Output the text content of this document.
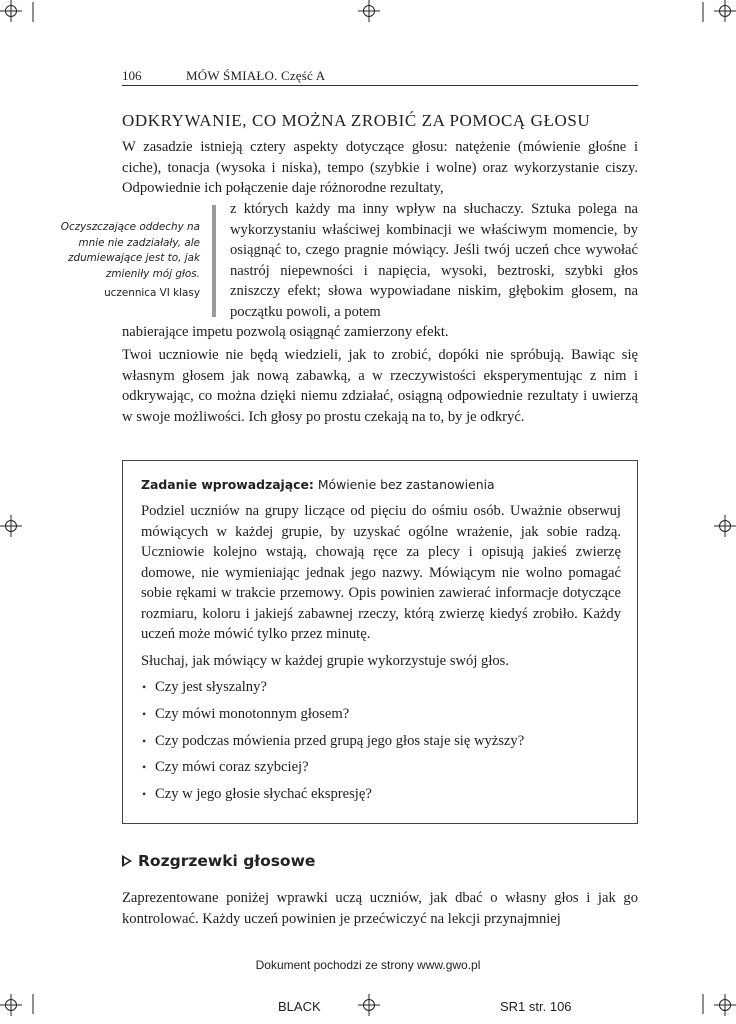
106	MÓW ŚMIAŁO. Część A
ODKRYWANIE, CO MOŻNA ZROBIĆ ZA POMOCĄ GŁOSU
W zasadzie istnieją cztery aspekty dotyczące głosu: natężenie (mówienie głośne i ciche), tonacja (wysoka i niska), tempo (szybkie i wolne) oraz wykorzystanie ciszy. Odpowiednie ich połączenie daje różnorodne rezultaty,
z których każdy ma inny wpływ na słuchaczy. Sztuka polega na wykorzystaniu właściwej kombinacji we właściwym momencie, by osiągnąć to, czego pragnie mówiący. Jeśli twój uczeń chce wywołać nastrój niepewności i napięcia, wysoki, beztroski, szybki głos zniszczy efekt; słowa wypowiadane niskim, głębokim głosem, na początku powoli, a potem
nabierające impetu pozwolą osiągnąć zamierzony efekt.
Oczyszczające oddechy na mnie nie zadziałały, ale zdumiewające jest to, jak zmieniły mój głos.
uczennica VI klasy
Twoi uczniowie nie będą wiedzieli, jak to zrobić, dopóki nie spróbują. Bawiąc się własnym głosem jak nową zabawką, a w rzeczywistości eksperymentując z nim i odkrywając, co można dzięki niemu zdziałać, osiągną odpowiednie rezultaty i uwierzą w swoje możliwości. Ich głosy po prostu czekają na to, by je odkryć.
Zadanie wprowadzające: Mówienie bez zastanowienia

Podziel uczniów na grupy liczące od pięciu do ośmiu osób. Uważnie obserwuj mówiących w każdej grupie, by uzyskać ogólne wrażenie, jak sobie radzą. Uczniowie kolejno wstają, chowają ręce za plecy i opisują jakieś zwierzę domowe, nie wymieniając jednak jego nazwy. Mówiącym nie wolno pomagać sobie rękami w trakcie przemowy. Opis powinien zawierać informacje dotyczące rozmiaru, koloru i jakiejś zabawnej rzeczy, którą zwierzę kiedyś zrobiło. Każdy uczeń może mówić tylko przez minutę.

Słuchaj, jak mówiący w każdej grupie wykorzystuje swój głos.

• Czy jest słyszalny?
• Czy mówi monotonnym głosem?
• Czy podczas mówienia przed grupą jego głos staje się wyższy?
• Czy mówi coraz szybciej?
• Czy w jego głosie słychać ekspresję?
Rozgrzewki głosowe
Zaprezentowane poniżej wprawki uczą uczniów, jak dbać o własny głos i jak go kontrolować. Każdy uczeń powinien je przećwiczyć na lekcji przynajmniej
Dokument pochodzi ze strony www.gwo.pl
BLACK	SR1 str. 106
